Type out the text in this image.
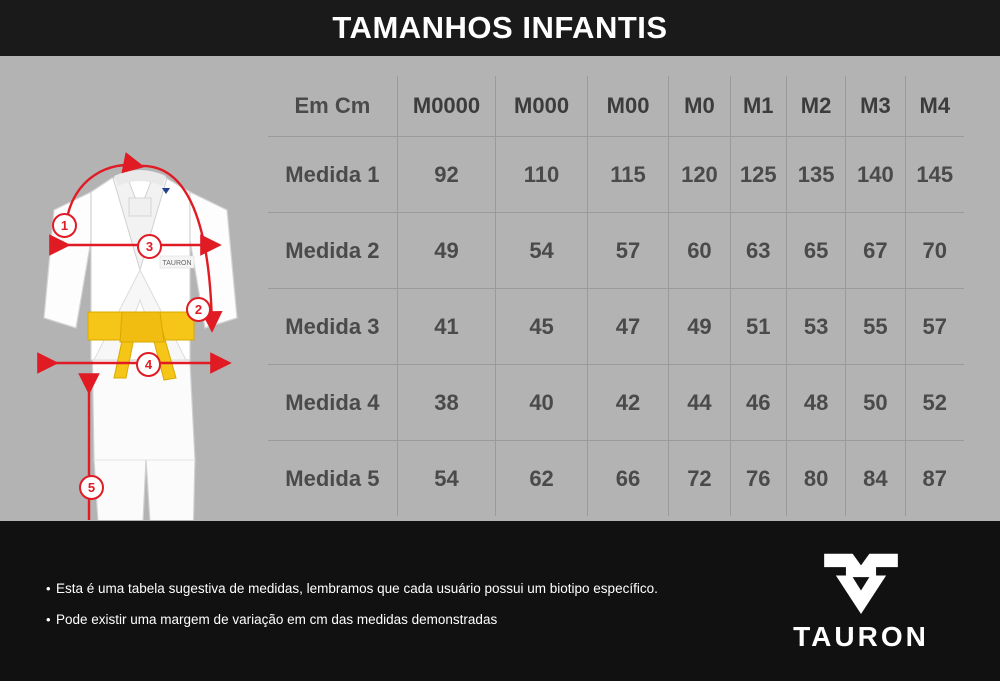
TAMANHOS INFANTIS
TAURON
1
2
3
4
5
Em Cm	M0000	M000	M00	M0	M1	M2	M3	M4
Medida 1	92	110	115	120	125	135	140	145
Medida 2	49	54	57	60	63	65	67	70
Medida 3	41	45	47	49	51	53	55	57
Medida 4	38	40	42	44	46	48	50	52
Medida 5	54	62	66	72	76	80	84	87
• Esta é uma tabela sugestiva de medidas, lembramos que cada usuário possui um biotipo específico.
• Pode existir uma margem de variação em cm das medidas demonstradas
TAURON
